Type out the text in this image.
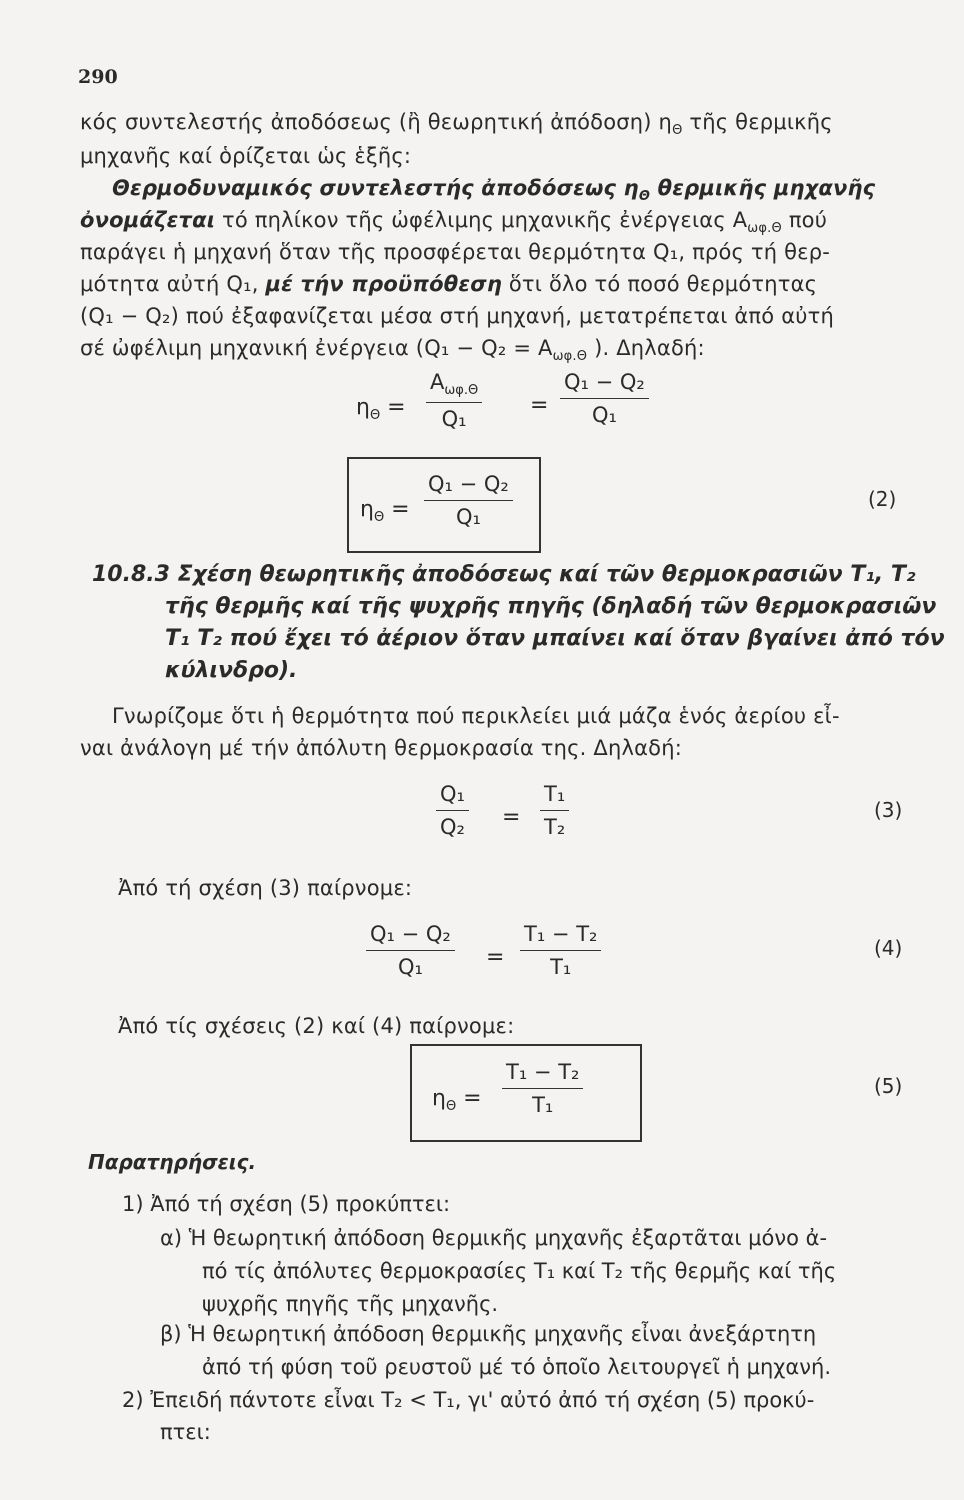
290
κός συντελεστής ἀποδόσεως (ἢ θεωρητική ἀπόδοση) $\eta_\Theta$ τῆς θερμικῆς
μηχανῆς καί ὁρίζεται ὡς ἑξῆς:
Θερμοδυναμικός συντελεστής ἀποδόσεως $\eta_\Theta$ θερμικῆς μηχανῆς
ὀνομάζεται τό πηλίκον τῆς ὠφέλιμης μηχανικῆς ἐνέργειας $A_{\omega\varphi.\Theta}$ πού
παράγει ἡ μηχανή ὅταν τῆς προσφέρεται θερμότητα Q₁, πρός τή θερ-
μότητα αὐτή Q₁, μέ τήν προϋπόθεση ὅτι ὅλο τό ποσό θερμότητας
(Q₁ − Q₂) πού ἐξαφανίζεται μέσα στή μηχανή, μετατρέπεται ἀπό αὐτή
σέ ὠφέλιμη μηχανική ἐνέργεια ($Q_1 - Q_2 = A_{\omega\varphi.\Theta}$ ). Δηλαδή:
$\eta_\Theta$ =
$A_{\omega\varphi.\Theta}$
Q₁
= $\frac{\text{Q₁ − Q₂}}{\text{Q₁}}$
$\eta_\Theta = \frac{\text{Q₁ − Q₂}}{\text{Q₁}}$	(2)
10.8.3 Σχέση θεωρητικῆς ἀποδόσεως καί τῶν θερμοκρασιῶν T₁, T₂
τῆς θερμῆς καί τῆς ψυχρῆς πηγῆς (δηλαδή τῶν θερμοκρασιῶν
T₁ T₂ πού ἔχει τό ἀέριον ὅταν μπαίνει καί ὅταν βγαίνει ἀπό τόν
κύλινδρο).
Γνωρίζομε ὅτι ἡ θερμότητα πού περικλείει μιά μάζα ἑνός ἀερίου εἶ-
ναι ἀνάλογη μέ τήν ἀπόλυτη θερμοκρασία της. Δηλαδή:
$\frac{\text{Q₁}}{\text{Q₂}} = \frac{\text{T₁}}{\text{T₂}}$	(3)
Ἀπό τή σχέση (3) παίρνομε:
$\frac{\text{Q₁ − Q₂}}{\text{Q₁}} = \frac{\text{T₁ − T₂}}{\text{T₁}}$	(4)
Ἀπό τίς σχέσεις (2) καί (4) παίρνομε:
$\eta_\Theta = \frac{\text{T₁ − T₂}}{\text{T₁}}$	(5)
Παρατηρήσεις.
1) Ἀπό τή σχέση (5) προκύπτει:
α) Ἡ θεωρητική ἀπόδοση θερμικῆς μηχανῆς ἐξαρτᾶται μόνο ἀ-
πό τίς ἀπόλυτες θερμοκρασίες T₁ καί T₂ τῆς θερμῆς καί τῆς
ψυχρῆς πηγῆς τῆς μηχανῆς.
β) Ἡ θεωρητική ἀπόδοση θερμικῆς μηχανῆς εἶναι ἀνεξάρτητη
ἀπό τή φύση τοῦ ρευστοῦ μέ τό ὁποῖο λειτουργεῖ ἡ μηχανή.
2) Ἐπειδή πάντοτε εἶναι T₂ < T₁, γι' αὐτό ἀπό τή σχέση (5) προκύ-
πτει:
